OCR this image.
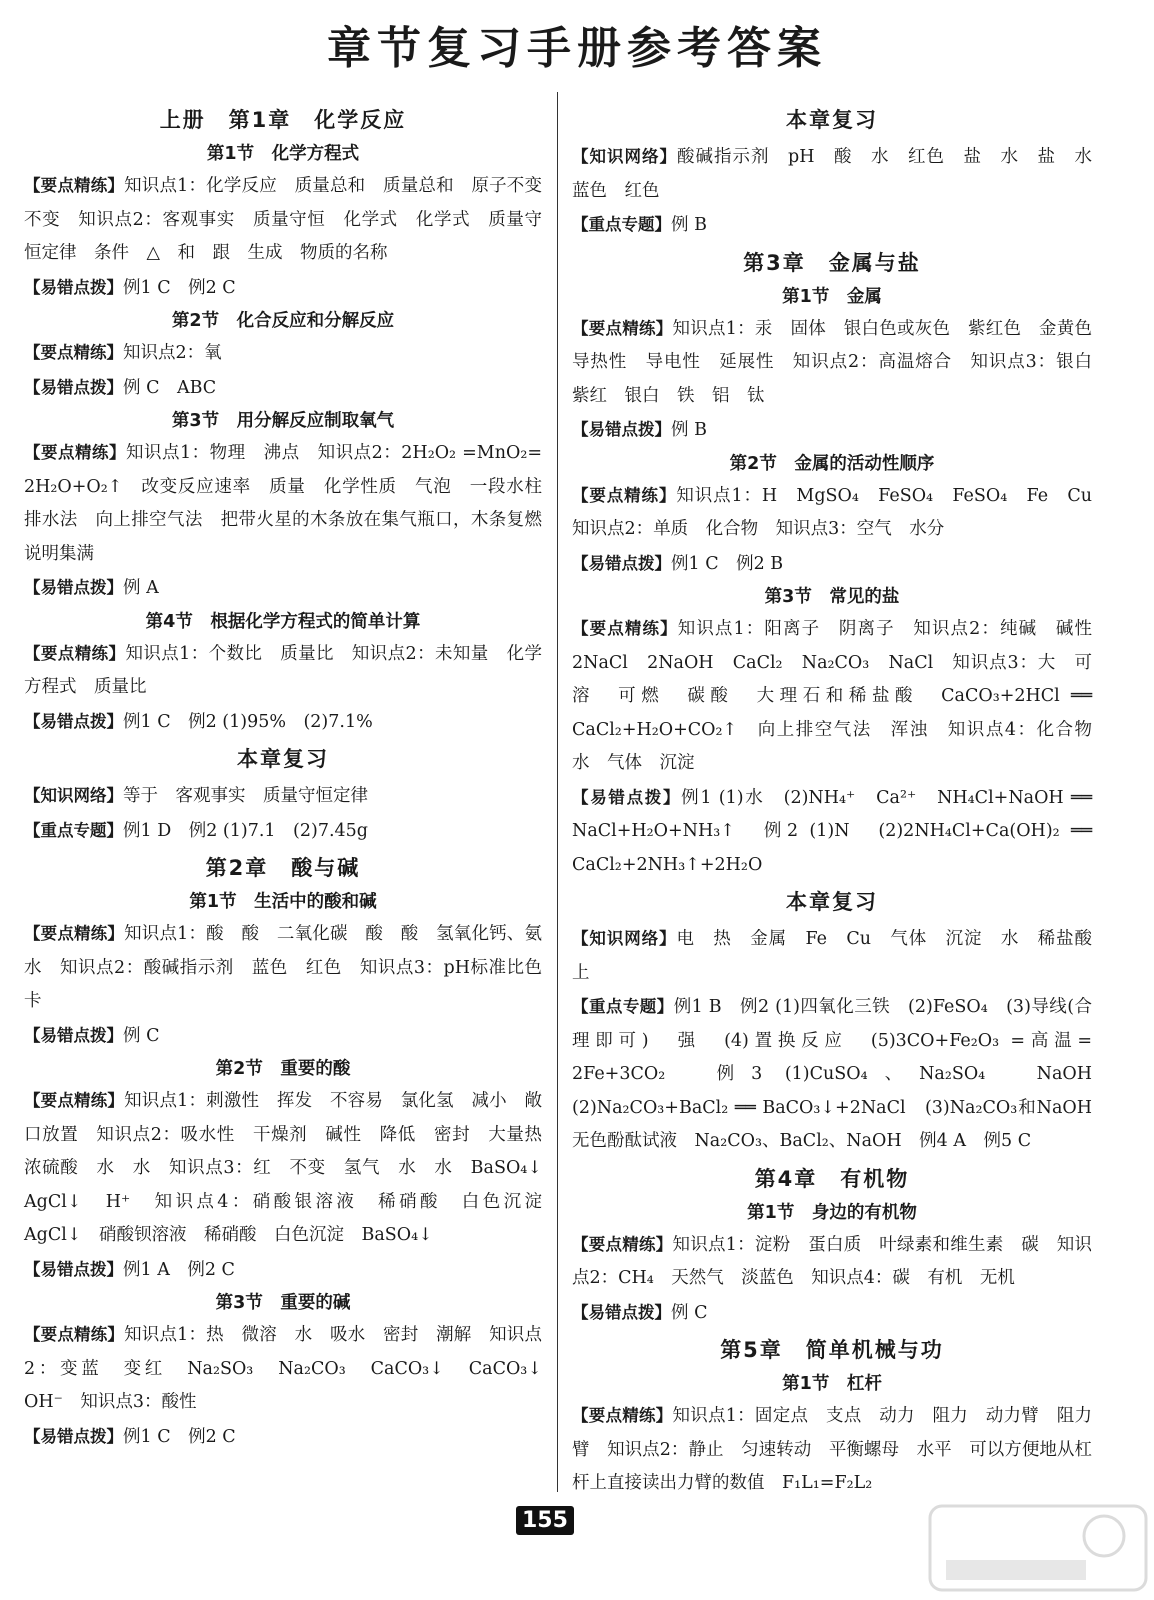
章节复习手册参考答案
上册　第1章　化学反应
第1节　化学方程式

【要点精练】知识点1：化学反应　质量总和　质量总和　原子不变　不变　知识点2：客观事实　质量守恒　化学式　化学式　质量守恒定律　条件　△　和　跟　生成　物质的名称

【易错点拨】例1 C　例2 C

第2节　化合反应和分解反应

【要点精练】知识点2：氧

【易错点拨】例 C　ABC

第3节　用分解反应制取氧气

【要点精练】知识点1：物理　沸点　知识点2：2H₂O₂ =MnO₂= 2H₂O+O₂↑　改变反应速率　质量　化学性质　气泡　一段水柱　排水法　向上排空气法　把带火星的木条放在集气瓶口，木条复燃说明集满

【易错点拨】例 A

第4节　根据化学方程式的简单计算

【要点精练】知识点1：个数比　质量比　知识点2：未知量　化学方程式　质量比

【易错点拨】例1 C　例2 (1)95%　(2)7.1%

本章复习

【知识网络】等于　客观事实　质量守恒定律

【重点专题】例1 D　例2 (1)7.1　(2)7.45g

第2章　酸与碱
第1节　生活中的酸和碱

【要点精练】知识点1：酸　酸　二氧化碳　酸　酸　氢氧化钙、氨水　知识点2：酸碱指示剂　蓝色　红色　知识点3：pH标准比色卡

【易错点拨】例 C

第2节　重要的酸

【要点精练】知识点1：刺激性　挥发　不容易　氯化氢　减小　敞口放置　知识点2：吸水性　干燥剂　碱性　降低　密封　大量热　浓硫酸　水　水　知识点3：红　不变　氢气　水　水　BaSO₄↓　AgCl↓　H⁺　知识点4：硝酸银溶液　稀硝酸　白色沉淀　AgCl↓　硝酸钡溶液　稀硝酸　白色沉淀　BaSO₄↓

【易错点拨】例1 A　例2 C

第3节　重要的碱

【要点精练】知识点1：热　微溶　水　吸水　密封　潮解　知识点2：变蓝　变红　Na₂SO₃　Na₂CO₃　CaCO₃↓　CaCO₃↓　OH⁻　知识点3：酸性

【易错点拨】例1 C　例2 C

本章复习

【知识网络】酸碱指示剂　pH　酸　水　红色　盐　水　盐　水　蓝色　红色

【重点专题】例 B

第3章　金属与盐
第1节　金属

【要点精练】知识点1：汞　固体　银白色或灰色　紫红色　金黄色　导热性　导电性　延展性　知识点2：高温熔合　知识点3：银白　紫红　银白　铁　铝　钛

【易错点拨】例 B

第2节　金属的活动性顺序

【要点精练】知识点1：H　MgSO₄　FeSO₄　FeSO₄　Fe　Cu　知识点2：单质　化合物　知识点3：空气　水分

【易错点拨】例1 C　例2 B

第3节　常见的盐

【要点精练】知识点1：阳离子　阴离子　知识点2：纯碱　碱性　2NaCl　2NaOH　CaCl₂　Na₂CO₃　NaCl　知识点3：大　可溶　可燃　碳酸　大理石和稀盐酸　CaCO₃+2HCl ══ CaCl₂+H₂O+CO₂↑　向上排空气法　浑浊　知识点4：化合物　水　气体　沉淀

【易错点拨】例1 (1)水　(2)NH₄⁺　Ca²⁺　NH₄Cl+NaOH ══ NaCl+H₂O+NH₃↑　例2 (1)N　(2)2NH₄Cl+Ca(OH)₂ ══ CaCl₂+2NH₃↑+2H₂O

本章复习

【知识网络】电　热　金属　Fe　Cu　气体　沉淀　水　稀盐酸　上

【重点专题】例1 B　例2 (1)四氧化三铁　(2)FeSO₄　(3)导线(合理即可)　强　(4)置换反应　(5)3CO+Fe₂O₃ =高温= 2Fe+3CO₂　例3 (1)CuSO₄、Na₂SO₄　NaOH　(2)Na₂CO₃+BaCl₂ ══ BaCO₃↓+2NaCl　(3)Na₂CO₃和NaOH　无色酚酞试液　Na₂CO₃、BaCl₂、NaOH　例4 A　例5 C

第4章　有机物
第1节　身边的有机物

【要点精练】知识点1：淀粉　蛋白质　叶绿素和维生素　碳　知识点2：CH₄　天然气　淡蓝色　知识点4：碳　有机　无机

【易错点拨】例 C

第5章　简单机械与功
第1节　杠杆

【要点精练】知识点1：固定点　支点　动力　阻力　动力臂　阻力臂　知识点2：静止　匀速转动　平衡螺母　水平　可以方便地从杠杆上直接读出力臂的数值　F₁L₁=F₂L₂

155
